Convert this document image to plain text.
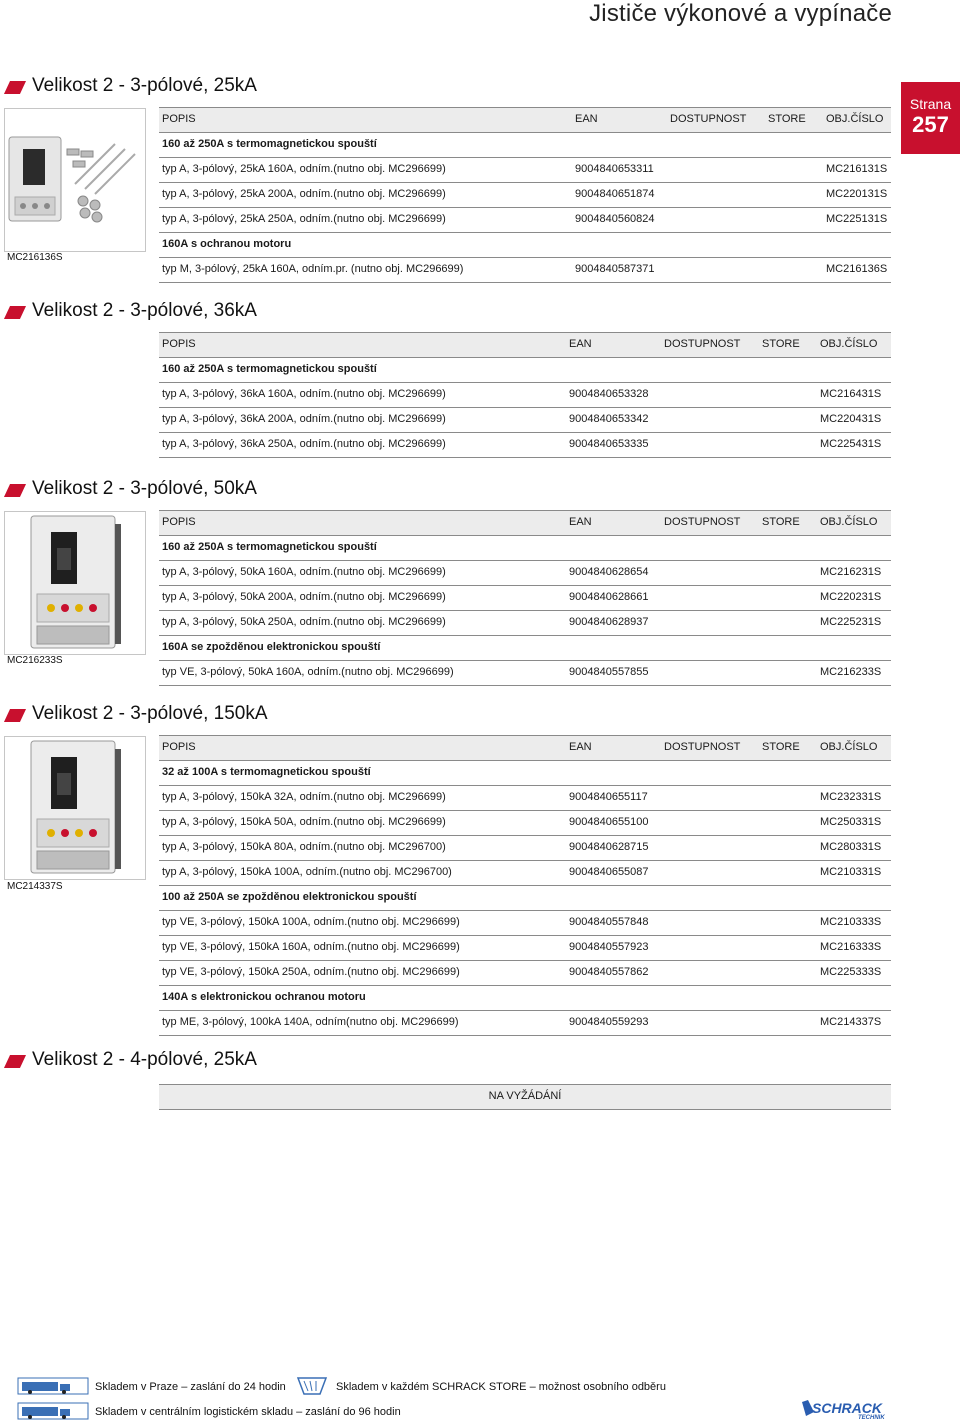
Jističe výkonové a vypínače
Strana
257
Velikost 2 - 3-pólové, 25kA
MC216136S
POPIS	EAN	DOSTUPNOST STORE OBJ.ČÍSLO
160 až 250A s termomagnetickou spouští
typ A, 3-pólový, 25kA 160A, odním.(nutno obj. MC296699)	9004840653311	MC216131S
typ A, 3-pólový, 25kA 200A, odním.(nutno obj. MC296699)	9004840651874	MC220131S
typ A, 3-pólový, 25kA 250A, odním.(nutno obj. MC296699)	9004840560824	MC225131S
160A s ochranou motoru
typ M, 3-pólový, 25kA 160A, odním.pr. (nutno obj. MC296699)	9004840587371	MC216136S
Velikost 2 - 3-pólové, 36kA
POPIS	EAN	DOSTUPNOST STORE OBJ.ČÍSLO
160 až 250A s termomagnetickou spouští
typ A, 3-pólový, 36kA 160A, odním.(nutno obj. MC296699)	9004840653328	MC216431S
typ A, 3-pólový, 36kA 200A, odním.(nutno obj. MC296699)	9004840653342	MC220431S
typ A, 3-pólový, 36kA 250A, odním.(nutno obj. MC296699)	9004840653335	MC225431S
Velikost 2 - 3-pólové, 50kA
MC216233S
POPIS	EAN	DOSTUPNOST STORE OBJ.ČÍSLO
160 až 250A s termomagnetickou spouští
typ A, 3-pólový, 50kA 160A, odním.(nutno obj. MC296699)	9004840628654	MC216231S
typ A, 3-pólový, 50kA 200A, odním.(nutno obj. MC296699)	9004840628661	MC220231S
typ A, 3-pólový, 50kA 250A, odním.(nutno obj. MC296699)	9004840628937	MC225231S
160A se zpožděnou elektronickou spouští
typ VE, 3-pólový, 50kA 160A, odním.(nutno obj. MC296699)	9004840557855	MC216233S
Velikost 2 - 3-pólové, 150kA
MC214337S
POPIS	EAN	DOSTUPNOST STORE OBJ.ČÍSLO
32 až 100A s termomagnetickou spouští
typ A, 3-pólový, 150kA 32A, odním.(nutno obj. MC296699)	9004840655117	MC232331S
typ A, 3-pólový, 150kA 50A, odním.(nutno obj. MC296699)	9004840655100	MC250331S
typ A, 3-pólový, 150kA 80A, odním.(nutno obj. MC296700)	9004840628715	MC280331S
typ A, 3-pólový, 150kA 100A, odním.(nutno obj. MC296700)	9004840655087	MC210331S
100 až 250A se zpožděnou elektronickou spouští
typ VE, 3-pólový, 150kA 100A, odním.(nutno obj. MC296699)	9004840557848	MC210333S
typ VE, 3-pólový, 150kA 160A, odním.(nutno obj. MC296699)	9004840557923	MC216333S
typ VE, 3-pólový, 150kA 250A, odním.(nutno obj. MC296699)	9004840557862	MC225333S
140A s elektronickou ochranou motoru
typ ME, 3-pólový, 100kA 140A, odním(nutno obj. MC296699)	9004840559293	MC214337S
Velikost 2 - 4-pólové, 25kA
NA VYŽÁDÁNÍ
Skladem v Praze – zaslání do 24 hodin	Skladem v každém SCHRACK STORE – možnost osobního odběru
Skladem v centrálním logistickém skladu – zaslání do 96 hodin	SCHRACK
TECHNIK
